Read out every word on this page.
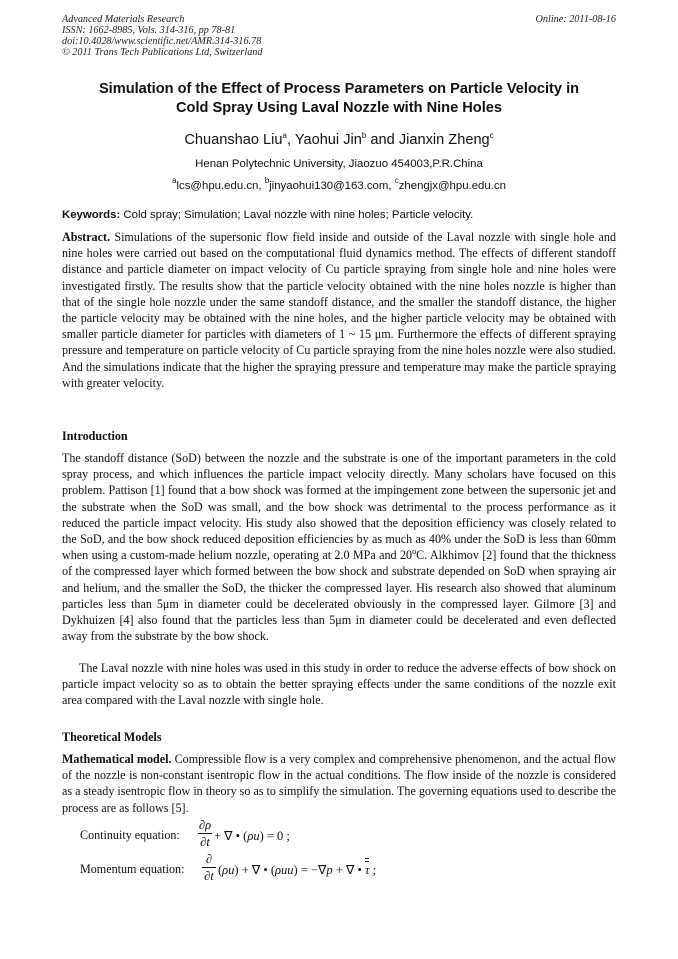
Advanced Materials Research
ISSN: 1662-8985, Vols. 314-316, pp 78-81
doi:10.4028/www.scientific.net/AMR.314-316.78
© 2011 Trans Tech Publications Ltd, Switzerland
Online: 2011-08-16
Simulation of the Effect of Process Parameters on Particle Velocity in
Cold Spray Using Laval Nozzle with Nine Holes
Chuanshao Liu$^a$, Yaohui Jin$^b$ and Jianxin Zheng$^c$
Henan Polytechnic University, Jiaozuo 454003,P.R.China
$^a$lcs@hpu.edu.cn, $^b$jinyaohui130@163.com, $^c$zhengjx@hpu.edu.cn
Keywords: Cold spray; Simulation; Laval nozzle with nine holes; Particle velocity.

Abstract. Simulations of the supersonic flow field inside and outside of the Laval nozzle with single hole and nine holes were carried out based on the computational fluid dynamics method. The effects of different standoff distance and particle diameter on impact velocity of Cu particle spraying from single hole and nine holes were investigated firstly. The results show that the particle velocity obtained with the nine holes nozzle is higher than that of the single hole nozzle under the same standoff distance, and the smaller the standoff distance, the higher the particle velocity may be obtained with the nine holes, and the higher particle velocity may be obtained with smaller particle diameter for particles with diameters of 1 ~ 15 μm. Furthermore the effects of different spraying pressure and temperature on particle velocity of Cu particle spraying from the nine holes nozzle were also studied. And the simulations indicate that the higher the spraying pressure and temperature may make the particle spraying with greater velocity.

Introduction

The standoff distance (SoD) between the nozzle and the substrate is one of the important parameters in the cold spray process, and which influences the particle impact velocity directly. Many scholars have focused on this problem. Pattison [1] found that a bow shock was formed at the impingement zone between the supersonic jet and the substrate when the SoD was small, and the bow shock was detrimental to the process performance as it reduced the particle impact velocity. His study also showed that the deposition efficiency was closely related to the SoD, and the bow shock reduced deposition efficiencies by as much as 40% under the SoD is less than 60mm when using a custom-made helium nozzle, operating at 2.0 MPa and 20$^o$C. Alkhimov [2] found that the thickness of the compressed layer which formed between the bow shock and substrate depended on SoD when spraying air and helium, and the smaller the SoD, the thicker the compressed layer. His research also showed that aluminum particles less than 5μm in diameter could be decelerated obviously in the compressed layer. Gilmore [3] and Dykhuizen [4] also found that the particles less than 5μm in diameter could be decelerated and even deflected away from the substrate by the bow shock.

The Laval nozzle with nine holes was used in this study in order to reduce the adverse effects of bow shock on particle impact velocity so as to obtain the better spraying effects under the same conditions of the nozzle exit area compared with the Laval nozzle with single hole.

Theoretical Models

Mathematical model. Compressible flow is a very complex and comprehensive phenomenon, and the actual flow of the nozzle is non-constant isentropic flow in the actual conditions. The flow inside of the nozzle is considered as a steady isentropic flow in theory so as to simplify the simulation. The governing equations used to describe the process are as follows [5].

Continuity equation: $\frac{\partial\rho}{\partial t}$ + ∇ • (ρu) = 0 ;
Momentum equation:
∂
∂t (ρu) + ∇ • (ρuu) = −∇p + ∇ • τ ;
